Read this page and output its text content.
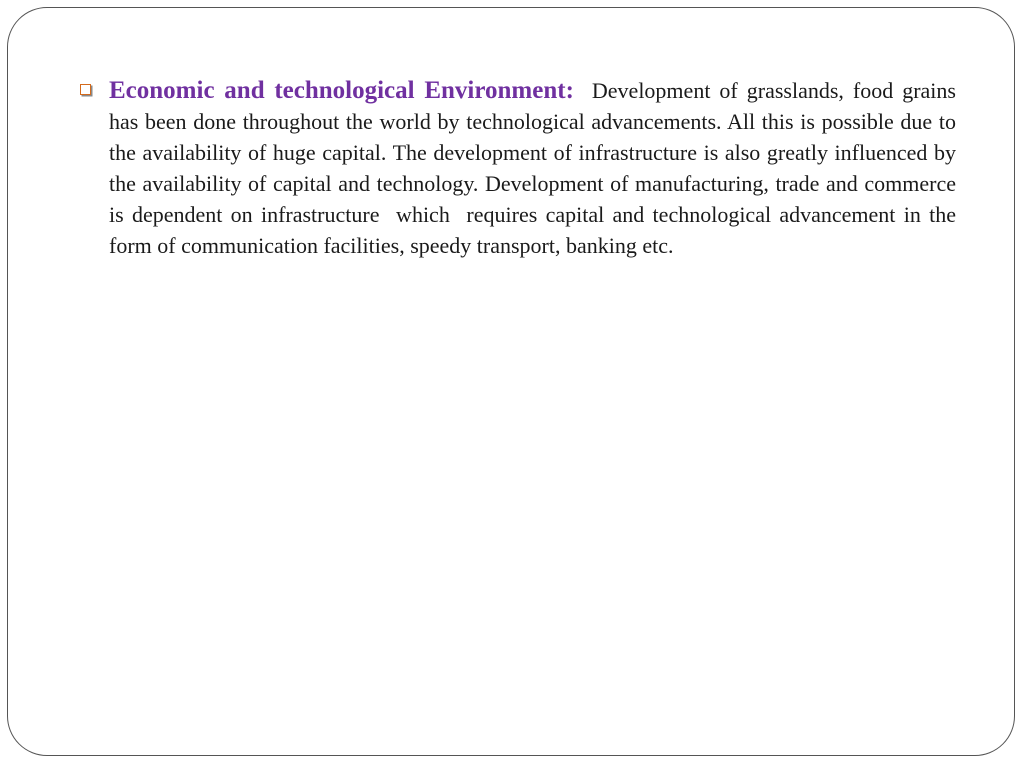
Economic and technological Environment: Development of grasslands, food grains has been done throughout the world by technological advancements. All this is possible due to the availability of huge capital. The development of infrastructure is also greatly influenced by the availability of capital and technology. Development of manufacturing, trade and commerce is dependent on infrastructure  which  requires capital and technological advancement in the form of communication facilities, speedy transport, banking etc.
